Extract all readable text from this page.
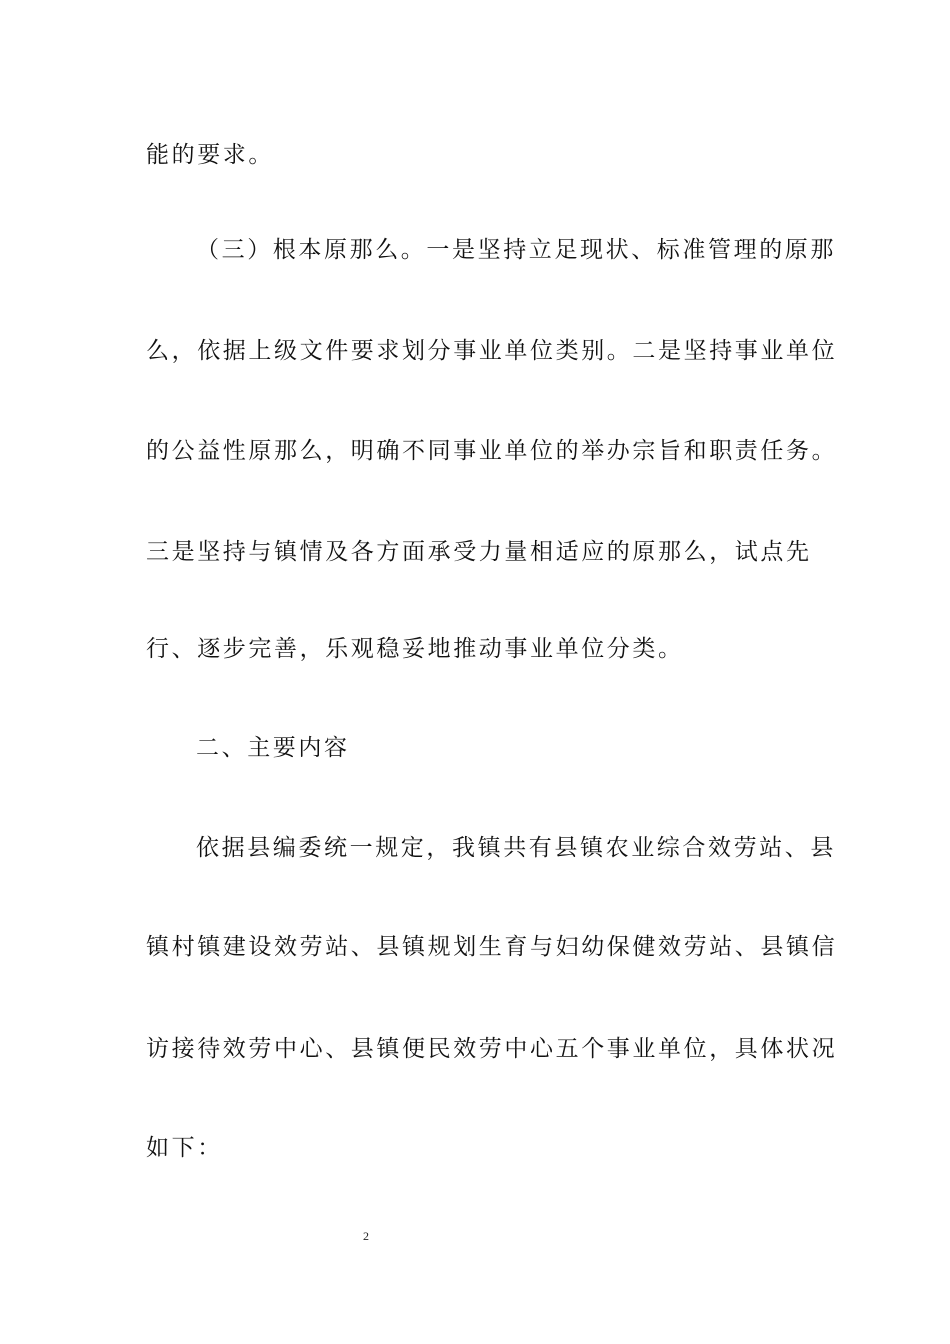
能的要求。
（三）根本原那么。一是坚持立足现状、标准管理的原那
么，依据上级文件要求划分事业单位类别。二是坚持事业单位
的公益性原那么，明确不同事业单位的举办宗旨和职责任务。
三是坚持与镇情及各方面承受力量相适应的原那么，试点先
行、逐步完善，乐观稳妥地推动事业单位分类。
二、主要内容
依据县编委统一规定，我镇共有县镇农业综合效劳站、县
镇村镇建设效劳站、县镇规划生育与妇幼保健效劳站、县镇信
访接待效劳中心、县镇便民效劳中心五个事业单位，具体状况
如下：
2
